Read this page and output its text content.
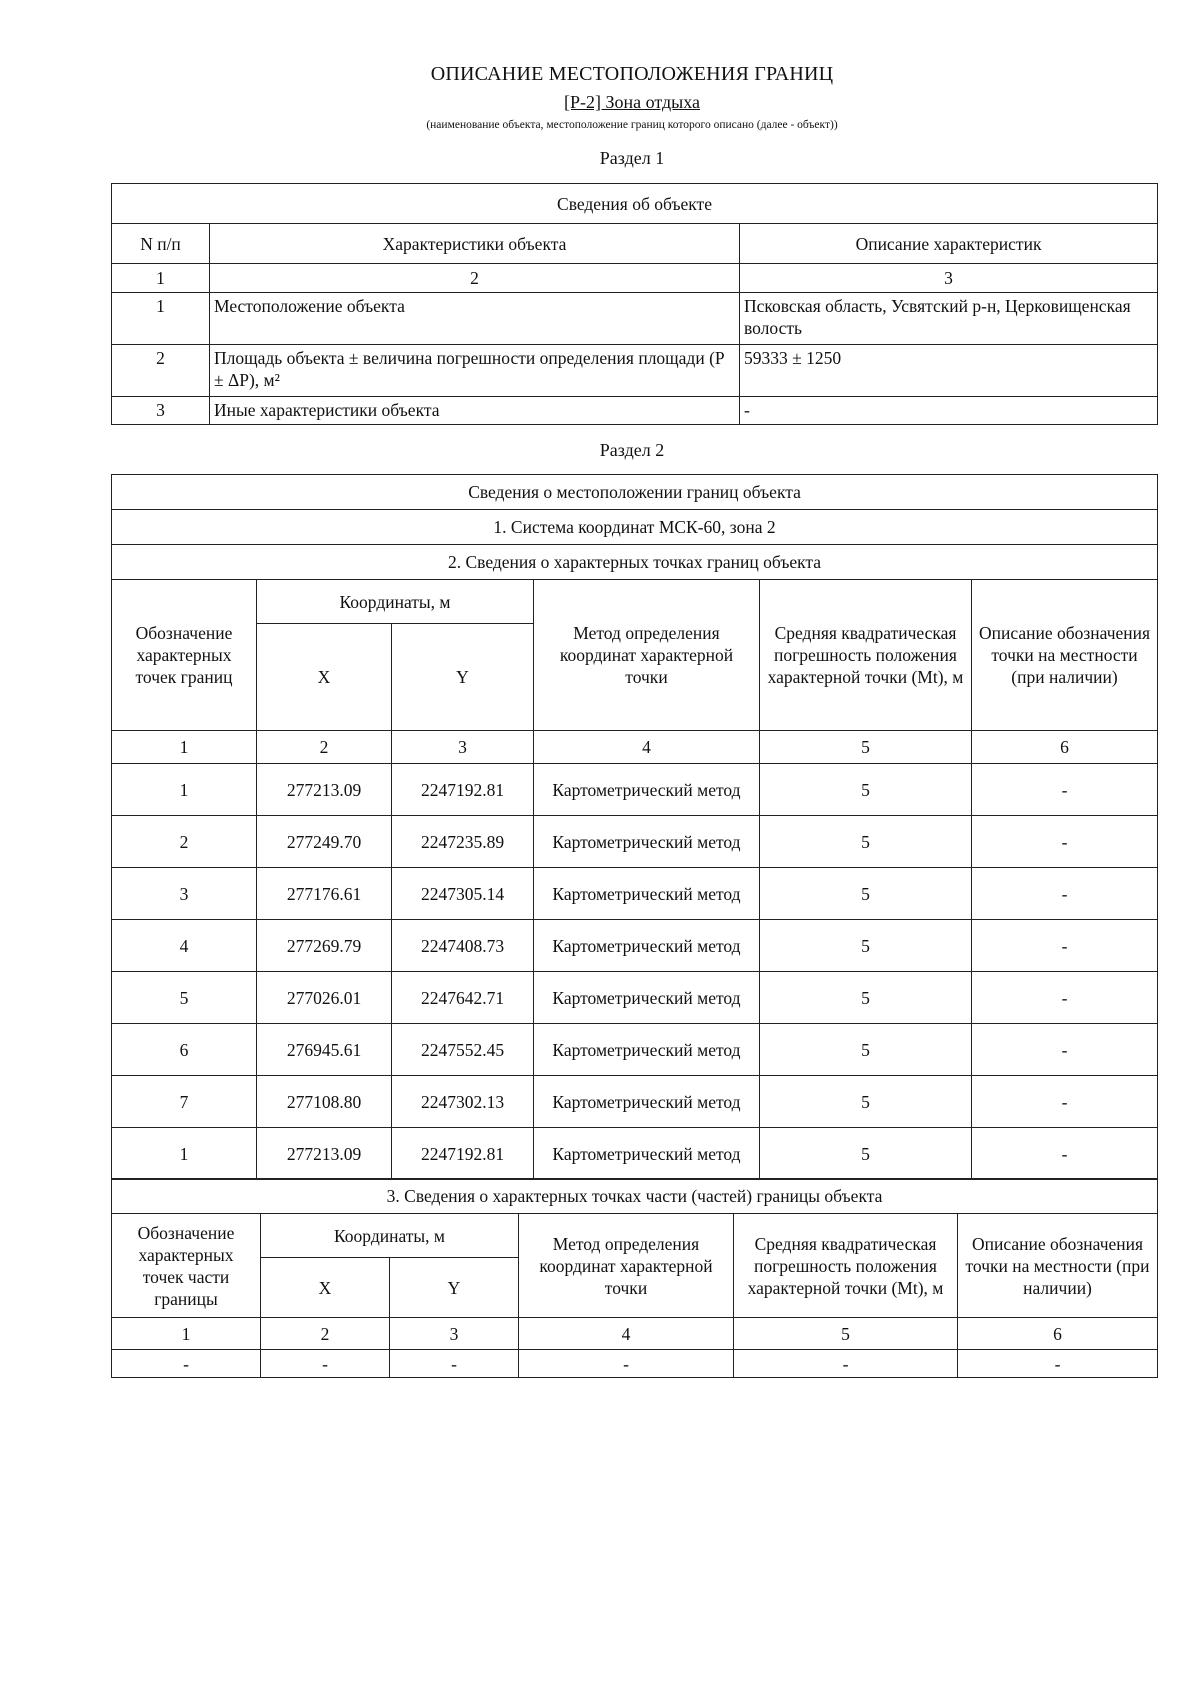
ОПИСАНИЕ МЕСТОПОЛОЖЕНИЯ ГРАНИЦ
[Р-2] Зона отдыха
(наименование объекта, местоположение границ которого описано (далее - объект))
Раздел 1
Сведения об объекте		
N п/п	Характеристики объекта	Описание характеристик
1	2	3
1	Местоположение объекта	Псковская область, Усвятский р-н, Церковищенская волость
2	Площадь объекта ± величина погрешности определения площади (Р ± ΔР), м²	59333 ± 1250
3	Иные характеристики объекта	-
Раздел 2
Сведения о местоположении границ объекта					
1. Система координат МСК-60, зона 2					
2. Сведения о характерных точках границ объекта					
Обозначение характерных точек границ	Координаты, м		Метод определения координат характерной точки	Средняя квадратическая погрешность положения характерной точки (Mt), м	Описание обозначения точки на местности (при наличии)
	X	Y			
1	2	3	4	5	6
1	277213.09	2247192.81	Картометрический метод	5	-
2	277249.70	2247235.89	Картометрический метод	5	-
3	277176.61	2247305.14	Картометрический метод	5	-
4	277269.79	2247408.73	Картометрический метод	5	-
5	277026.01	2247642.71	Картометрический метод	5	-
6	276945.61	2247552.45	Картометрический метод	5	-
7	277108.80	2247302.13	Картометрический метод	5	-
1	277213.09	2247192.81	Картометрический метод	5	-
3. Сведения о характерных точках части (частей) границы объекта					
Обозначение характерных точек части границы	Координаты, м		Метод определения координат характерной точки	Средняя квадратическая погрешность положения характерной точки (Mt), м	Описание обозначения точки на местности (при наличии)
	X	Y			
1	2	3	4	5	6
-	-	-	-	-	-
